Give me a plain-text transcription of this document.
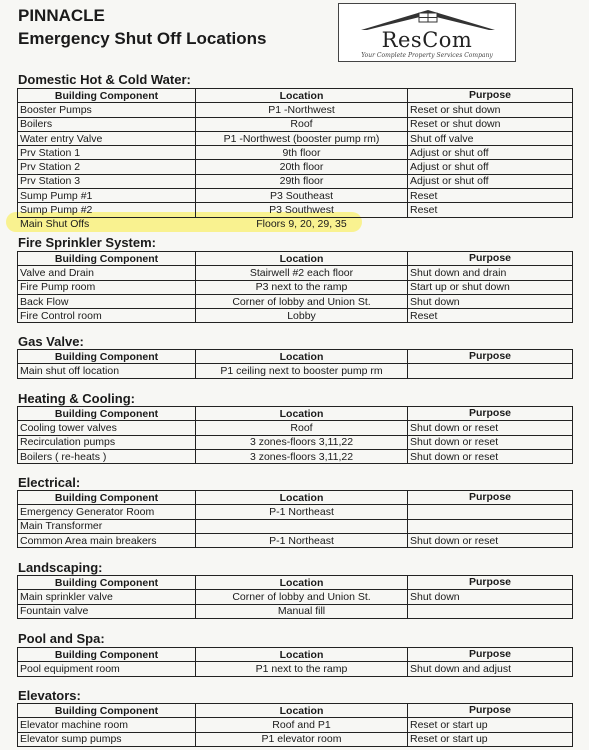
PINNACLE
Emergency Shut Off Locations	ResCom
Your Complete Property Services Company
Domestic Hot & Cold Water:
Building Component	Location	Purpose
Booster Pumps	P1 -Northwest	Reset or shut down
Boilers	Roof	Reset or shut down
Water entry Valve	P1 -Northwest (booster pump rm)	Shut off valve
Prv Station 1	9th floor	Adjust or shut off
Prv Station 2	20th floor	Adjust or shut off
Prv Station 3	29th floor	Adjust or shut off
Sump Pump #1	P3 Southeast	Reset
Sump Pump #2	P3 Southwest	Reset
Main Shut Offs	Floors 9, 20, 29, 35	
Fire Sprinkler System:
Building Component	Location	Purpose
Valve and Drain	Stairwell #2 each floor	Shut down and drain
Fire Pump room	P3 next to the ramp	Start up or shut down
Back Flow	Corner of lobby and Union St.	Shut down
Fire Control room	Lobby	Reset
Gas Valve:
Building Component	Location	Purpose
Main shut off location	P1 ceiling next to booster pump rm	
Heating & Cooling:
Building Component	Location	Purpose
Cooling tower valves	Roof	Shut down or reset
Recirculation pumps	3 zones-floors 3,11,22	Shut down or reset
Boilers ( re-heats )	3 zones-floors 3,11,22	Shut down or reset
Electrical:
Building Component	Location	Purpose
Emergency Generator Room	P-1 Northeast	
Main Transformer		
Common Area main breakers	P-1 Northeast	Shut down or reset
Landscaping:
Building Component	Location	Purpose
Main sprinkler valve	Corner of lobby and Union St.	Shut down
Fountain valve	Manual fill	
Pool and Spa:
Building Component	Location	Purpose
Pool equipment room	P1 next to the ramp	Shut down and adjust
Elevators:
Building Component	Location	Purpose
Elevator machine room	Roof and P1	Reset or start up
Elevator sump pumps	P1 elevator room	Reset or start up
